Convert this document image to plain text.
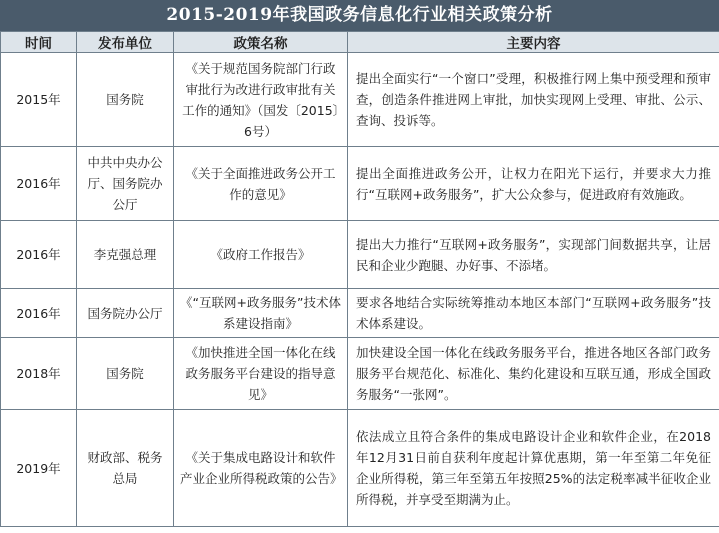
2015-2019年我国政务信息化行业相关政策分析
时间	发布单位	政策名称	主要内容
2015年	国务院	《关于规范国务院部门行政审批行为改进行政审批有关工作的通知》（国发〔2015〕6号）	提出全面实行“一个窗口”受理，积极推行网上集中预受理和预审查，创造条件推进网上审批，加快实现网上受理、审批、公示、查询、投诉等。
2016年	中共中央办公厅、国务院办公厅	《关于全面推进政务公开工作的意见》	提出全面推进政务公开，让权力在阳光下运行，并要求大力推行“互联网+政务服务”，扩大公众参与，促进政府有效施政。
2016年	李克强总理	《政府工作报告》	提出大力推行“互联网+政务服务”，实现部门间数据共享，让居民和企业少跑腿、办好事、不添堵。
2016年	国务院办公厅	《“互联网+政务服务”技术体系建设指南》	要求各地结合实际统筹推动本地区本部门“互联网+政务服务”技术体系建设。
2018年	国务院	《加快推进全国一体化在线政务服务平台建设的指导意见》	加快建设全国一体化在线政务服务平台，推进各地区各部门政务服务平台规范化、标准化、集约化建设和互联互通，形成全国政务服务“一张网”。
2019年	财政部、税务总局	《关于集成电路设计和软件产业企业所得税政策的公告》	依法成立且符合条件的集成电路设计企业和软件企业，在2018年12月31日前自获利年度起计算优惠期，第一年至第二年免征企业所得税，第三年至第五年按照25%的法定税率减半征收企业所得税，并享受至期满为止。
